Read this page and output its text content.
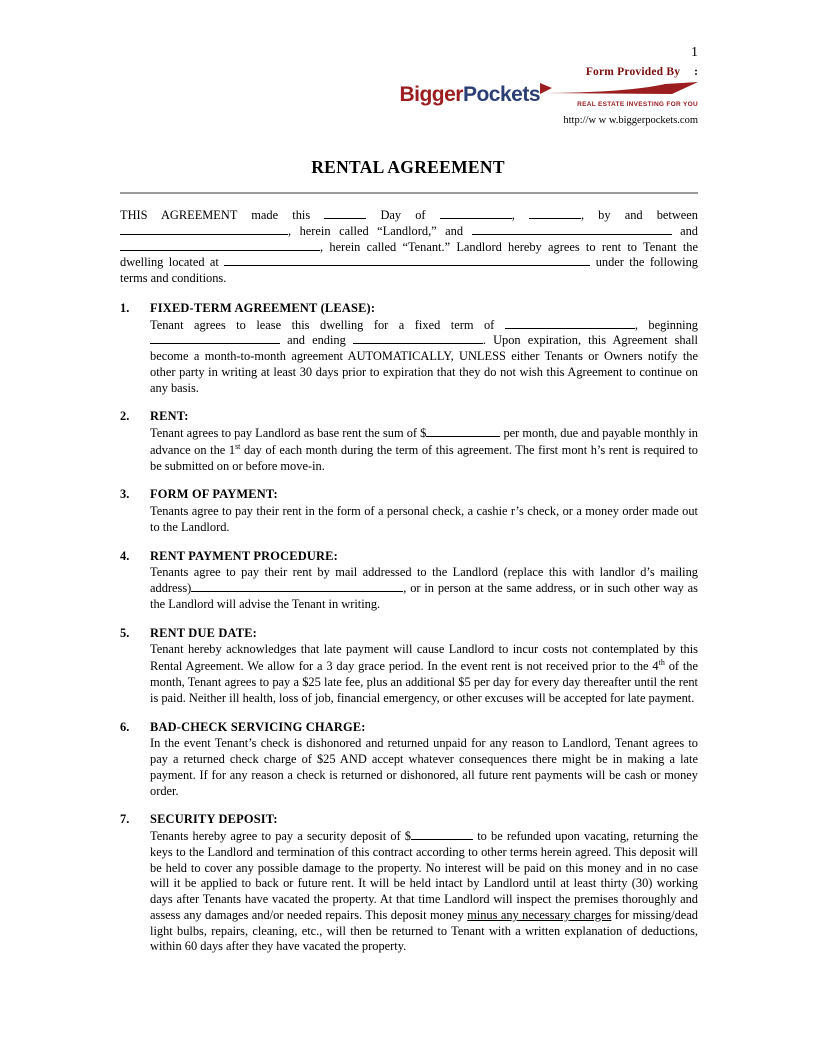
1
Form Provided By :
BiggerPockets	REAL ESTATE INVESTING FOR YOU
http://w w w.biggerpockets.com
RENTAL AGREEMENT
THIS AGREEMENT made this	Day of	,	, by and between , herein called “Landlord,” and	and , herein called “Tenant.” Landlord hereby agrees to rent to Tenant the dwelling located at	under the following terms and conditions.
1.	FIXED-TERM AGREEMENT (LEASE):
Tenant agrees to lease this dwelling for a fixed term of	, beginning  and ending	. Upon expiration, this Agreement shall become a month-to-month agreement AUTOMATICALLY, UNLESS either Tenants or Owners notify the other party in writing at least 30 days prior to expiration that they do not wish this Agreement to continue on any basis.
2.	RENT:
Tenant agrees to pay Landlord as base rent the sum of $	per month, due and payable monthly in advance on the 1st day of each month during the term of this agreement. The first mont h’s rent is required to be submitted on or before move-in.
3.	FORM OF PAYMENT:
Tenants agree to pay their rent in the form of a personal check, a cashie r’s check, or a money order made out to the Landlord.
4.	RENT PAYMENT PROCEDURE:
Tenants agree to pay their rent by mail addressed to the Landlord (replace this with landlor d’s mailing address)	, or in person at the same address, or in such other way as the Landlord will advise the Tenant in writing.
5.	RENT DUE DATE:
Tenant hereby acknowledges that late payment will cause Landlord to incur costs not contemplated by this Rental Agreement. We allow for a 3 day grace period. In the event rent is not received prior to the 4th of the month, Tenant agrees to pay a $25 late fee, plus an additional $5 per day for every day thereafter until the rent is paid. Neither ill health, loss of job, financial emergency, or other excuses will be accepted for late payment.
6.	BAD-CHECK SERVICING CHARGE:
In the event Tenant’s check is dishonored and returned unpaid for any reason to Landlord, Tenant agrees to pay a returned check charge of $25 AND accept whatever consequences there might be in making a late payment. If for any reason a check is returned or dishonored, all future rent payments will be cash or money order.
7.	SECURITY DEPOSIT:
Tenants hereby agree to pay a security deposit of $	to be refunded upon vacating, returning the keys to the Landlord and termination of this contract according to other terms herein agreed. This deposit will be held to cover any possible damage to the property. No interest will be paid on this money and in no case will it be applied to back or future rent. It will be held intact by Landlord until at least thirty (30) working days after Tenants have vacated the property. At that time Landlord will inspect the premises thoroughly and assess any damages and/or needed repairs. This deposit money minus any necessary charges for missing/dead light bulbs, repairs, cleaning, etc., will then be returned to Tenant with a written explanation of deductions, within 60 days after they have vacated the property.
